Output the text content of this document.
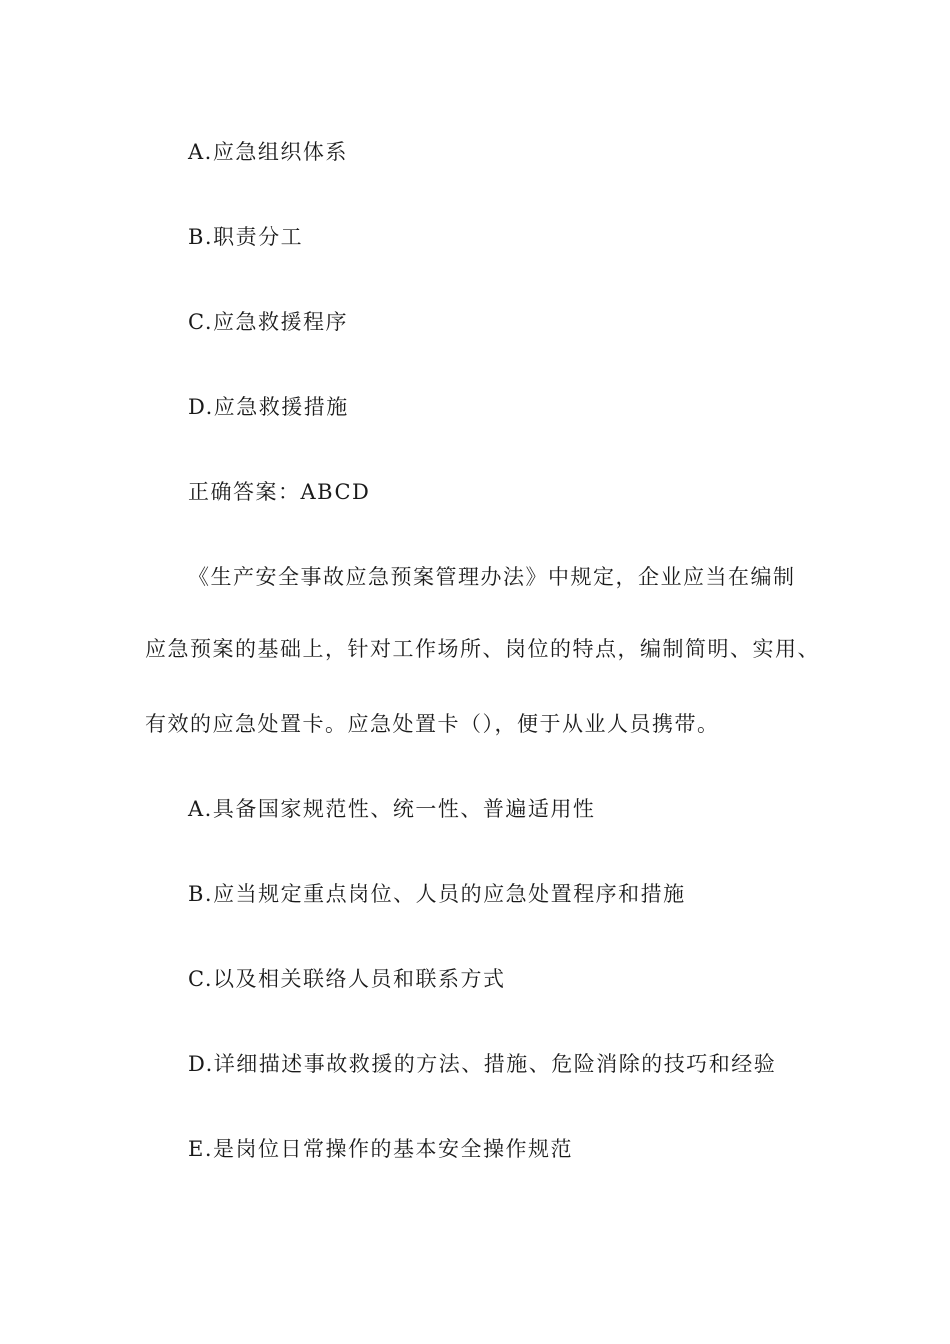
A.应急组织体系
B.职责分工
C.应急救援程序
D.应急救援措施
正确答案：ABCD
《生产安全事故应急预案管理办法》中规定，企业应当在编制
应急预案的基础上，针对工作场所、岗位的特点，编制简明、实用、
有效的应急处置卡。应急处置卡（），便于从业人员携带。
A.具备国家规范性、统一性、普遍适用性
B.应当规定重点岗位、人员的应急处置程序和措施
C.以及相关联络人员和联系方式
D.详细描述事故救援的方法、措施、危险消除的技巧和经验
E.是岗位日常操作的基本安全操作规范
